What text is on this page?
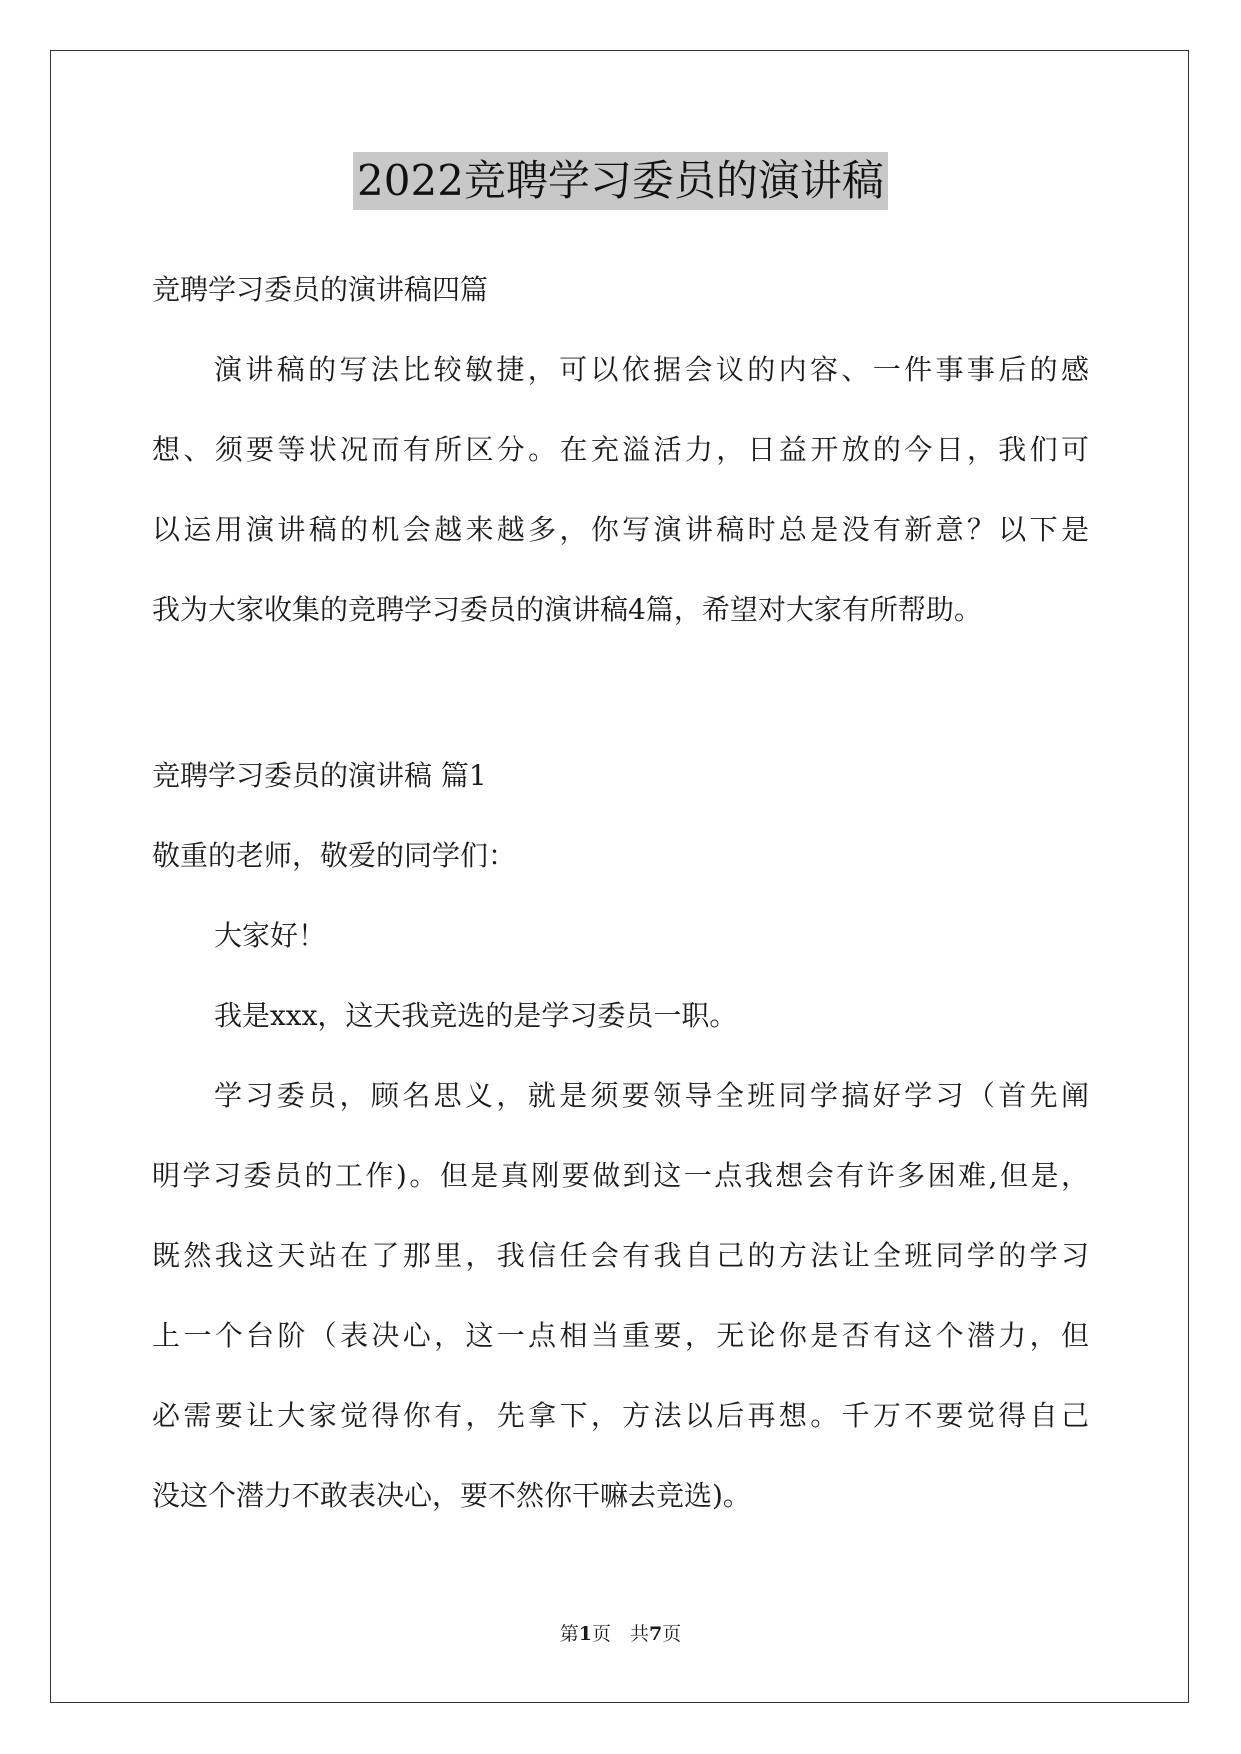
2022竞聘学习委员的演讲稿
竞聘学习委员的演讲稿四篇
演讲稿的写法比较敏捷，可以依据会议的内容、一件事事后的感
想、须要等状况而有所区分。在充溢活力，日益开放的今日，我们可
以运用演讲稿的机会越来越多，你写演讲稿时总是没有新意？以下是
我为大家收集的竞聘学习委员的演讲稿4篇，希望对大家有所帮助。
竞聘学习委员的演讲稿 篇1
敬重的老师，敬爱的同学们：
大家好！
我是xxx，这天我竞选的是学习委员一职。
学习委员，顾名思义，就是须要领导全班同学搞好学习（首先阐
明学习委员的工作)。但是真刚要做到这一点我想会有许多困难,但是，
既然我这天站在了那里，我信任会有我自己的方法让全班同学的学习
上一个台阶（表决心，这一点相当重要，无论你是否有这个潜力，但
必需要让大家觉得你有，先拿下，方法以后再想。千万不要觉得自己
没这个潜力不敢表决心，要不然你干嘛去竞选)。
第1页　共7页
